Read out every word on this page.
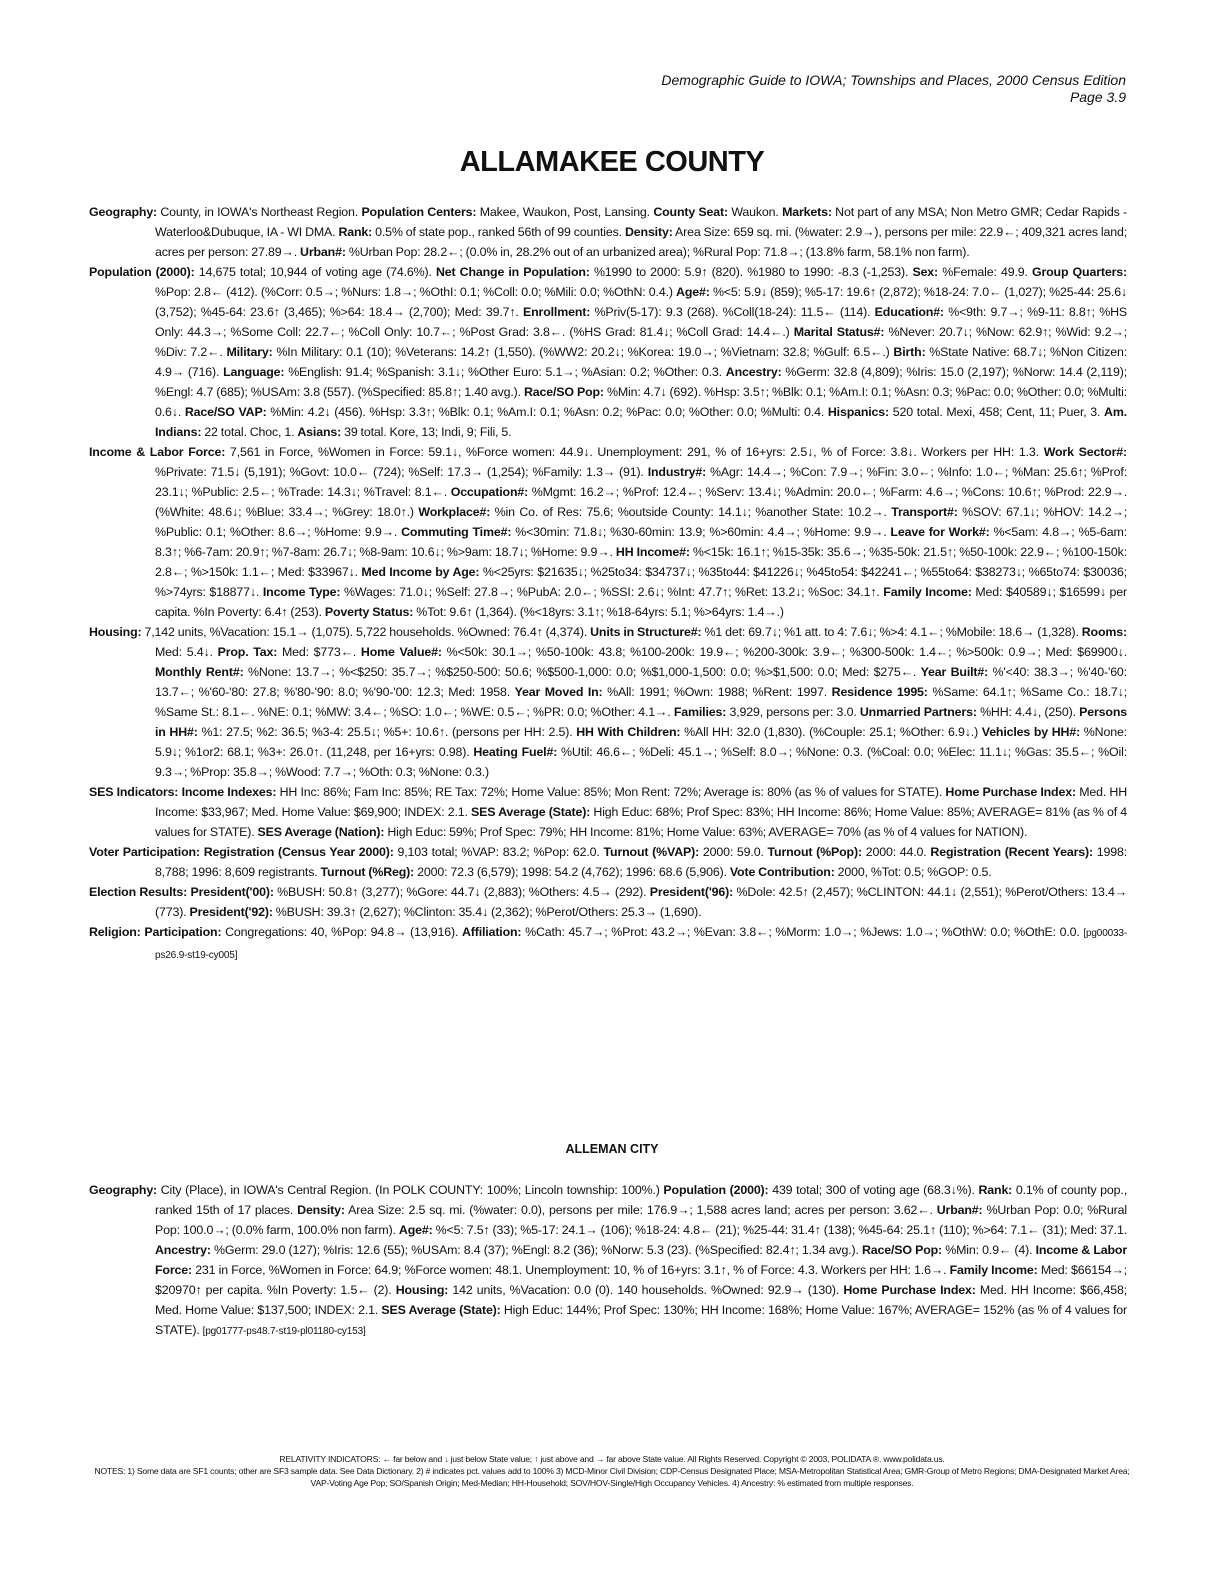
Demographic Guide to IOWA; Townships and Places, 2000 Census Edition
Page 3.9
ALLAMAKEE COUNTY
Geography: County, in IOWA's Northeast Region. Population Centers: Makee, Waukon, Post, Lansing. County Seat: Waukon. Markets: Not part of any MSA; Non Metro GMR; Cedar Rapids - Waterloo&Dubuque, IA - WI DMA. Rank: 0.5% of state pop., ranked 56th of 99 counties. Density: Area Size: 659 sq. mi. (%water: 2.9→), persons per mile: 22.9←; 409,321 acres land; acres per person: 27.89→. Urban#: %Urban Pop: 28.2←; (0.0% in, 28.2% out of an urbanized area); %Rural Pop: 71.8→; (13.8% farm, 58.1% non farm).
Population (2000): 14,675 total; 10,944 of voting age (74.6%). Net Change in Population: %1990 to 2000: 5.9↑ (820). %1980 to 1990: -8.3 (-1,253). Sex: %Female: 49.9. Group Quarters: %Pop: 2.8← (412). (%Corr: 0.5→; %Nurs: 1.8→; %OthI: 0.1; %Coll: 0.0; %Mili: 0.0; %OthN: 0.4.) Age#: %<5: 5.9↓ (859); %5-17: 19.6↑ (2,872); %18-24: 7.0← (1,027); %25-44: 25.6↓ (3,752); %45-64: 23.6↑ (3,465); %>64: 18.4→ (2,700); Med: 39.7↑. Enrollment: %Priv(5-17): 9.3 (268). %Coll(18-24): 11.5← (114). Education#: %<9th: 9.7→; %9-11: 8.8↑; %HS Only: 44.3→; %Some Coll: 22.7←; %Coll Only: 10.7←; %Post Grad: 3.8←. (%HS Grad: 81.4↓; %Coll Grad: 14.4←.) Marital Status#: %Never: 20.7↓; %Now: 62.9↑; %Wid: 9.2→; %Div: 7.2←. Military: %In Military: 0.1 (10); %Veterans: 14.2↑ (1,550). (%WW2: 20.2↓; %Korea: 19.0→; %Vietnam: 32.8; %Gulf: 6.5←.) Birth: %State Native: 68.7↓; %Non Citizen: 4.9→ (716). Language: %English: 91.4; %Spanish: 3.1↓; %Other Euro: 5.1→; %Asian: 0.2; %Other: 0.3. Ancestry: %Germ: 32.8 (4,809); %Iris: 15.0 (2,197); %Norw: 14.4 (2,119); %Engl: 4.7 (685); %USAm: 3.8 (557). (%Specified: 85.8↑; 1.40 avg.). Race/SO Pop: %Min: 4.7↓ (692). %Hsp: 3.5↑; %Blk: 0.1; %Am.I: 0.1; %Asn: 0.3; %Pac: 0.0; %Other: 0.0; %Multi: 0.6↓. Race/SO VAP: %Min: 4.2↓ (456). %Hsp: 3.3↑; %Blk: 0.1; %Am.I: 0.1; %Asn: 0.2; %Pac: 0.0; %Other: 0.0; %Multi: 0.4. Hispanics: 520 total. Mexi, 458; Cent, 11; Puer, 3. Am. Indians: 22 total. Choc, 1. Asians: 39 total. Kore, 13; Indi, 9; Fili, 5.
Income & Labor Force: 7,561 in Force, %Women in Force: 59.1↓, %Force women: 44.9↓. Unemployment: 291, % of 16+yrs: 2.5↓, % of Force: 3.8↓. Workers per HH: 1.3. Work Sector#: %Private: 71.5↓ (5,191); %Govt: 10.0← (724); %Self: 17.3→ (1,254); %Family: 1.3→ (91). Industry#: %Agr: 14.4→; %Con: 7.9→; %Fin: 3.0←; %Info: 1.0←; %Man: 25.6↑; %Prof: 23.1↓; %Public: 2.5←; %Trade: 14.3↓; %Travel: 8.1←. Occupation#: %Mgmt: 16.2→; %Prof: 12.4←; %Serv: 13.4↓; %Admin: 20.0←; %Farm: 4.6→; %Cons: 10.6↑; %Prod: 22.9→. (%White: 48.6↓; %Blue: 33.4→; %Grey: 18.0↑.) Workplace#: %in Co. of Res: 75.6; %outside County: 14.1↓; %another State: 10.2→. Transport#: %SOV: 67.1↓; %HOV: 14.2→; %Public: 0.1; %Other: 8.6→; %Home: 9.9→. Commuting Time#: %<30min: 71.8↓; %30-60min: 13.9; %>60min: 4.4→; %Home: 9.9→. Leave for Work#: %<5am: 4.8→; %5-6am: 8.3↑; %6-7am: 20.9↑; %7-8am: 26.7↓; %8-9am: 10.6↓; %>9am: 18.7↓; %Home: 9.9→. HH Income#: %<15k: 16.1↑; %15-35k: 35.6→; %35-50k: 21.5↑; %50-100k: 22.9←; %100-150k: 2.8←; %>150k: 1.1←; Med: $33967↓. Med Income by Age: %<25yrs: $21635↓; %25to34: $34737↓; %35to44: $41226↓; %45to54: $42241←; %55to64: $38273↓; %65to74: $30036; %>74yrs: $18877↓. Income Type: %Wages: 71.0↓; %Self: 27.8→; %PubA: 2.0←; %SSI: 2.6↓; %Int: 47.7↑; %Ret: 13.2↓; %Soc: 34.1↑. Family Income: Med: $40589↓; $16599↓ per capita. %In Poverty: 6.4↑ (253). Poverty Status: %Tot: 9.6↑ (1,364). (%<18yrs: 3.1↑; %18-64yrs: 5.1; %>64yrs: 1.4→.)
Housing: 7,142 units, %Vacation: 15.1→ (1,075). 5,722 households. %Owned: 76.4↑ (4,374). Units in Structure#: %1 det: 69.7↓; %1 att. to 4: 7.6↓; %>4: 4.1←; %Mobile: 18.6→ (1,328). Rooms: Med: 5.4↓. Prop. Tax: Med: $773←. Home Value#: %<50k: 30.1→; %50-100k: 43.8; %100-200k: 19.9←; %200-300k: 3.9←; %300-500k: 1.4←; %>500k: 0.9→; Med: $69900↓. Monthly Rent#: %None: 13.7→; %<$250: 35.7→; %$250-500: 50.6; %$500-1,000: 0.0; %$1,000-1,500: 0.0; %>$1,500: 0.0; Med: $275←. Year Built#: %'<40: 38.3→; %'40-'60: 13.7←; %'60-'80: 27.8; %'80-'90: 8.0; %'90-'00: 12.3; Med: 1958. Year Moved In: %All: 1991; %Own: 1988; %Rent: 1997. Residence 1995: %Same: 64.1↑; %Same Co.: 18.7↓; %Same St.: 8.1←. %NE: 0.1; %MW: 3.4←; %SO: 1.0←; %WE: 0.5←; %PR: 0.0; %Other: 4.1→. Families: 3,929, persons per: 3.0. Unmarried Partners: %HH: 4.4↓, (250). Persons in HH#: %1: 27.5; %2: 36.5; %3-4: 25.5↓; %5+: 10.6↑. (persons per HH: 2.5). HH With Children: %All HH: 32.0 (1,830). (%Couple: 25.1; %Other: 6.9↓.) Vehicles by HH#: %None: 5.9↓; %1or2: 68.1; %3+: 26.0↑. (11,248, per 16+yrs: 0.98). Heating Fuel#: %Util: 46.6←; %Deli: 45.1→; %Self: 8.0→; %None: 0.3. (%Coal: 0.0; %Elec: 11.1↓; %Gas: 35.5←; %Oil: 9.3→; %Prop: 35.8→; %Wood: 7.7→; %Oth: 0.3; %None: 0.3.)
SES Indicators: Income Indexes: HH Inc: 86%; Fam Inc: 85%; RE Tax: 72%; Home Value: 85%; Mon Rent: 72%; Average is: 80% (as % of values for STATE). Home Purchase Index: Med. HH Income: $33,967; Med. Home Value: $69,900; INDEX: 2.1. SES Average (State): High Educ: 68%; Prof Spec: 83%; HH Income: 86%; Home Value: 85%; AVERAGE= 81% (as % of 4 values for STATE). SES Average (Nation): High Educ: 59%; Prof Spec: 79%; HH Income: 81%; Home Value: 63%; AVERAGE= 70% (as % of 4 values for NATION).
Voter Participation: Registration (Census Year 2000): 9,103 total; %VAP: 83.2; %Pop: 62.0. Turnout (%VAP): 2000: 59.0. Turnout (%Pop): 2000: 44.0. Registration (Recent Years): 1998: 8,788; 1996: 8,609 registrants. Turnout (%Reg): 2000: 72.3 (6,579); 1998: 54.2 (4,762); 1996: 68.6 (5,906). Vote Contribution: 2000, %Tot: 0.5; %GOP: 0.5.
Election Results: President('00): %BUSH: 50.8↑ (3,277); %Gore: 44.7↓ (2,883); %Others: 4.5→ (292). President('96): %Dole: 42.5↑ (2,457); %CLINTON: 44.1↓ (2,551); %Perot/Others: 13.4→ (773). President('92): %BUSH: 39.3↑ (2,627); %Clinton: 35.4↓ (2,362); %Perot/Others: 25.3→ (1,690).
Religion: Participation: Congregations: 40, %Pop: 94.8→ (13,916). Affiliation: %Cath: 45.7→; %Prot: 43.2→; %Evan: 3.8←; %Morm: 1.0→; %Jews: 1.0→; %OthW: 0.0; %OthE: 0.0. [pg00033-ps26.9-st19-cy005]
ALLEMAN CITY
Geography: City (Place), in IOWA's Central Region. (In POLK COUNTY: 100%; Lincoln township: 100%.) Population (2000): 439 total; 300 of voting age (68.3↓%). Rank: 0.1% of county pop., ranked 15th of 17 places. Density: Area Size: 2.5 sq. mi. (%water: 0.0), persons per mile: 176.9→; 1,588 acres land; acres per person: 3.62←. Urban#: %Urban Pop: 0.0; %Rural Pop: 100.0→; (0.0% farm, 100.0% non farm). Age#: %<5: 7.5↑ (33); %5-17: 24.1→ (106); %18-24: 4.8← (21); %25-44: 31.4↑ (138); %45-64: 25.1↑ (110); %>64: 7.1← (31); Med: 37.1. Ancestry: %Germ: 29.0 (127); %Iris: 12.6 (55); %USAm: 8.4 (37); %Engl: 8.2 (36); %Norw: 5.3 (23). (%Specified: 82.4↑; 1.34 avg.). Race/SO Pop: %Min: 0.9← (4). Income & Labor Force: 231 in Force, %Women in Force: 64.9; %Force women: 48.1. Unemployment: 10, % of 16+yrs: 3.1↑, % of Force: 4.3. Workers per HH: 1.6→. Family Income: Med: $66154→; $20970↑ per capita. %In Poverty: 1.5← (2). Housing: 142 units, %Vacation: 0.0 (0). 140 households. %Owned: 92.9→ (130). Home Purchase Index: Med. HH Income: $66,458; Med. Home Value: $137,500; INDEX: 2.1. SES Average (State): High Educ: 144%; Prof Spec: 130%; HH Income: 168%; Home Value: 167%; AVERAGE= 152% (as % of 4 values for STATE). [pg01777-ps48.7-st19-pl01180-cy153]
RELATIVITY INDICATORS: ← far below and ↓ just below State value; ↑ just above and → far above State value. All Rights Reserved. Copyright © 2003, POLIDATA ®. www.polidata.us.
NOTES: 1) Some data are SF1 counts; other are SF3 sample data. See Data Dictionary. 2) # indicates pct. values add to 100% 3) MCD-Minor Civil Division; CDP-Census Designated Place; MSA-Metropolitan Statistical Area; GMR-Group of Metro Regions; DMA-Designated Market Area; VAP-Voting Age Pop; SO/Spanish Origin; Med-Median; HH-Household; SOV/HOV-Single/High Occupancy Vehicles. 4) Ancestry: % estimated from multiple responses.
